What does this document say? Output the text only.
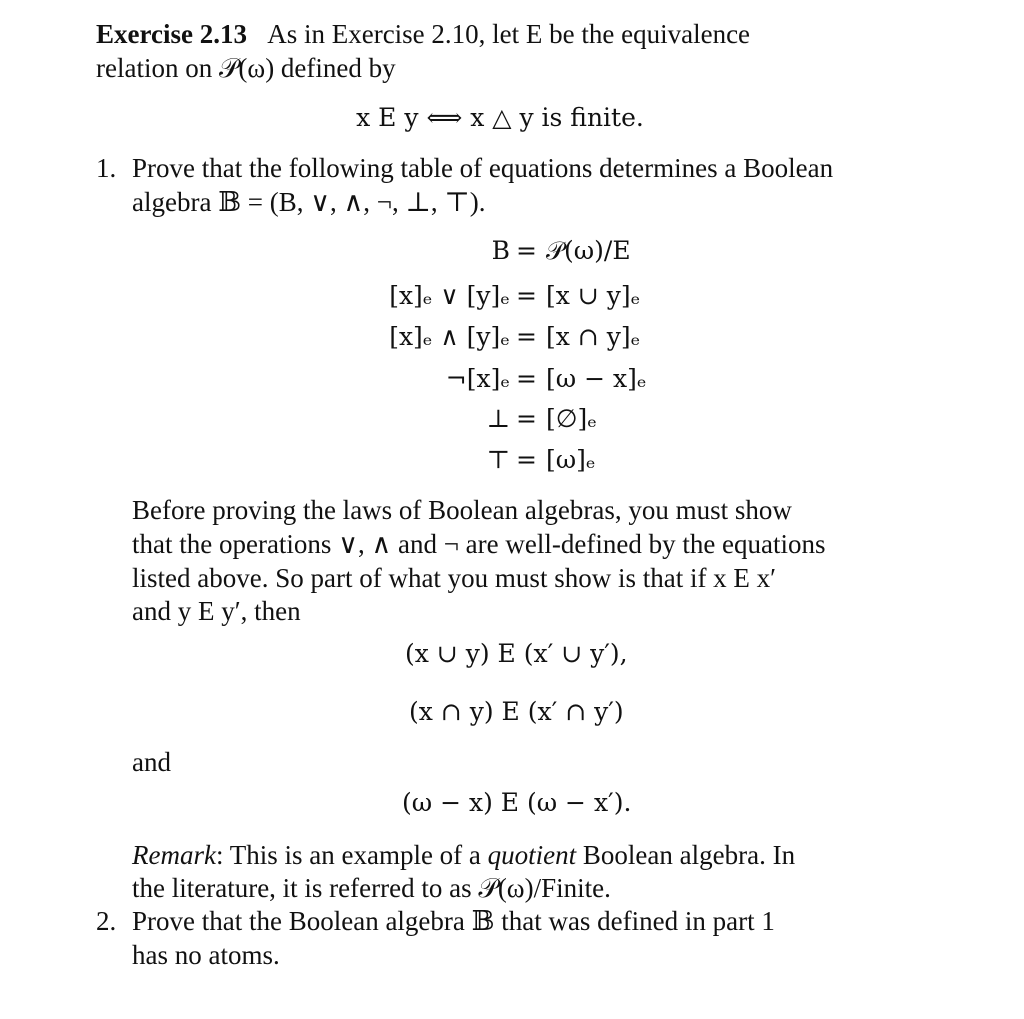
Exercise 2.13 As in Exercise 2.10, let E be the equivalence
relation on 𝒫(ω) defined by
x E y ⟺ x △ y is finite.
1. Prove that the following table of equations determines a Boolean
algebra 𝔹 = (B, ∨, ∧, ¬, ⊥, ⊤).
B = 𝒫(ω)/E
[x]ₑ ∨ [y]ₑ = [x ∪ y]ₑ
[x]ₑ ∧ [y]ₑ = [x ∩ y]ₑ
¬[x]ₑ = [ω − x]ₑ
⊥ = [∅]ₑ
⊤ = [ω]ₑ
Before proving the laws of Boolean algebras, you must show
that the operations ∨, ∧ and ¬ are well-defined by the equations
listed above. So part of what you must show is that if x E x′
and y E y′, then
(x ∪ y) E (x′ ∪ y′),
(x ∩ y) E (x′ ∩ y′)
and
(ω − x) E (ω − x′).
Remark: This is an example of a quotient Boolean algebra. In
the literature, it is referred to as 𝒫(ω)/Finite.
2. Prove that the Boolean algebra 𝔹 that was defined in part 1
has no atoms.
